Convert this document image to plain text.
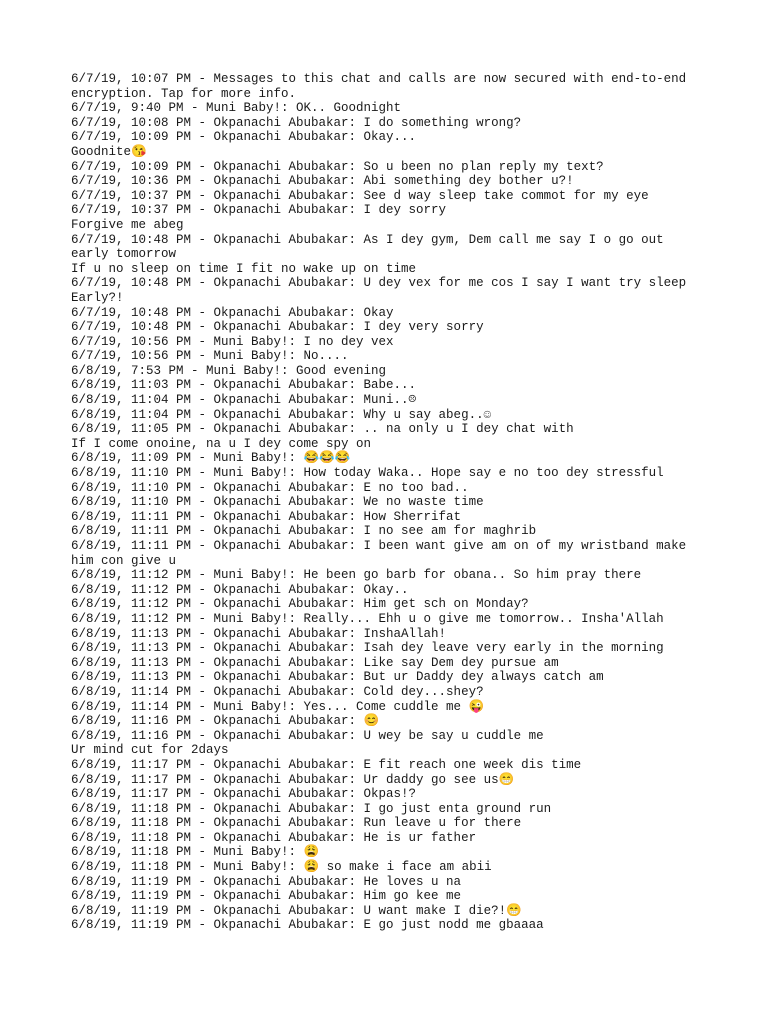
6/7/19, 10:07 PM - Messages to this chat and calls are now secured with end-to-end
encryption. Tap for more info.
6/7/19, 9:40 PM - Muni Baby!: OK.. Goodnight
6/7/19, 10:08 PM - Okpanachi Abubakar: I do something wrong?
6/7/19, 10:09 PM - Okpanachi Abubakar: Okay...
Goodnite😘
6/7/19, 10:09 PM - Okpanachi Abubakar: So u been no plan reply my text?
6/7/19, 10:36 PM - Okpanachi Abubakar: Abi something dey bother u?!
6/7/19, 10:37 PM - Okpanachi Abubakar: See d way sleep take commot for my eye
6/7/19, 10:37 PM - Okpanachi Abubakar: I dey sorry
Forgive me abeg
6/7/19, 10:48 PM - Okpanachi Abubakar: As I dey gym, Dem call me say I o go out
early tomorrow
If u no sleep on time I fit no wake up on time
6/7/19, 10:48 PM - Okpanachi Abubakar: U dey vex for me cos I say I want try sleep
Early?!
6/7/19, 10:48 PM - Okpanachi Abubakar: Okay
6/7/19, 10:48 PM - Okpanachi Abubakar: I dey very sorry
6/7/19, 10:56 PM - Muni Baby!: I no dey vex
6/7/19, 10:56 PM - Muni Baby!: No....
6/8/19, 7:53 PM - Muni Baby!: Good evening
6/8/19, 11:03 PM - Okpanachi Abubakar: Babe...
6/8/19, 11:04 PM - Okpanachi Abubakar: Muni..☹
6/8/19, 11:04 PM - Okpanachi Abubakar: Why u say abeg..☺
6/8/19, 11:05 PM - Okpanachi Abubakar: .. na only u I dey chat with
If I come onoine, na u I dey come spy on
6/8/19, 11:09 PM - Muni Baby!: 😂😂😂
6/8/19, 11:10 PM - Muni Baby!: How today Waka.. Hope say e no too dey stressful
6/8/19, 11:10 PM - Okpanachi Abubakar: E no too bad..
6/8/19, 11:10 PM - Okpanachi Abubakar: We no waste time
6/8/19, 11:11 PM - Okpanachi Abubakar: How Sherrifat
6/8/19, 11:11 PM - Okpanachi Abubakar: I no see am for maghrib
6/8/19, 11:11 PM - Okpanachi Abubakar: I been want give am on of my wristband make
him con give u
6/8/19, 11:12 PM - Muni Baby!: He been go barb for obana.. So him pray there
6/8/19, 11:12 PM - Okpanachi Abubakar: Okay..
6/8/19, 11:12 PM - Okpanachi Abubakar: Him get sch on Monday?
6/8/19, 11:12 PM - Muni Baby!: Really... Ehh u o give me tomorrow.. Insha'Allah
6/8/19, 11:13 PM - Okpanachi Abubakar: InshaAllah!
6/8/19, 11:13 PM - Okpanachi Abubakar: Isah dey leave very early in the morning
6/8/19, 11:13 PM - Okpanachi Abubakar: Like say Dem dey pursue am
6/8/19, 11:13 PM - Okpanachi Abubakar: But ur Daddy dey always catch am
6/8/19, 11:14 PM - Okpanachi Abubakar: Cold dey...shey?
6/8/19, 11:14 PM - Muni Baby!: Yes... Come cuddle me 😜
6/8/19, 11:16 PM - Okpanachi Abubakar: 😊
6/8/19, 11:16 PM - Okpanachi Abubakar: U wey be say u cuddle me
Ur mind cut for 2days
6/8/19, 11:17 PM - Okpanachi Abubakar: E fit reach one week dis time
6/8/19, 11:17 PM - Okpanachi Abubakar: Ur daddy go see us😁
6/8/19, 11:17 PM - Okpanachi Abubakar: Okpas!?
6/8/19, 11:18 PM - Okpanachi Abubakar: I go just enta ground run
6/8/19, 11:18 PM - Okpanachi Abubakar: Run leave u for there
6/8/19, 11:18 PM - Okpanachi Abubakar: He is ur father
6/8/19, 11:18 PM - Muni Baby!: 😩
6/8/19, 11:18 PM - Muni Baby!: 😩 so make i face am abii
6/8/19, 11:19 PM - Okpanachi Abubakar: He loves u na
6/8/19, 11:19 PM - Okpanachi Abubakar: Him go kee me
6/8/19, 11:19 PM - Okpanachi Abubakar: U want make I die?!😁
6/8/19, 11:19 PM - Okpanachi Abubakar: E go just nodd me gbaaaa
